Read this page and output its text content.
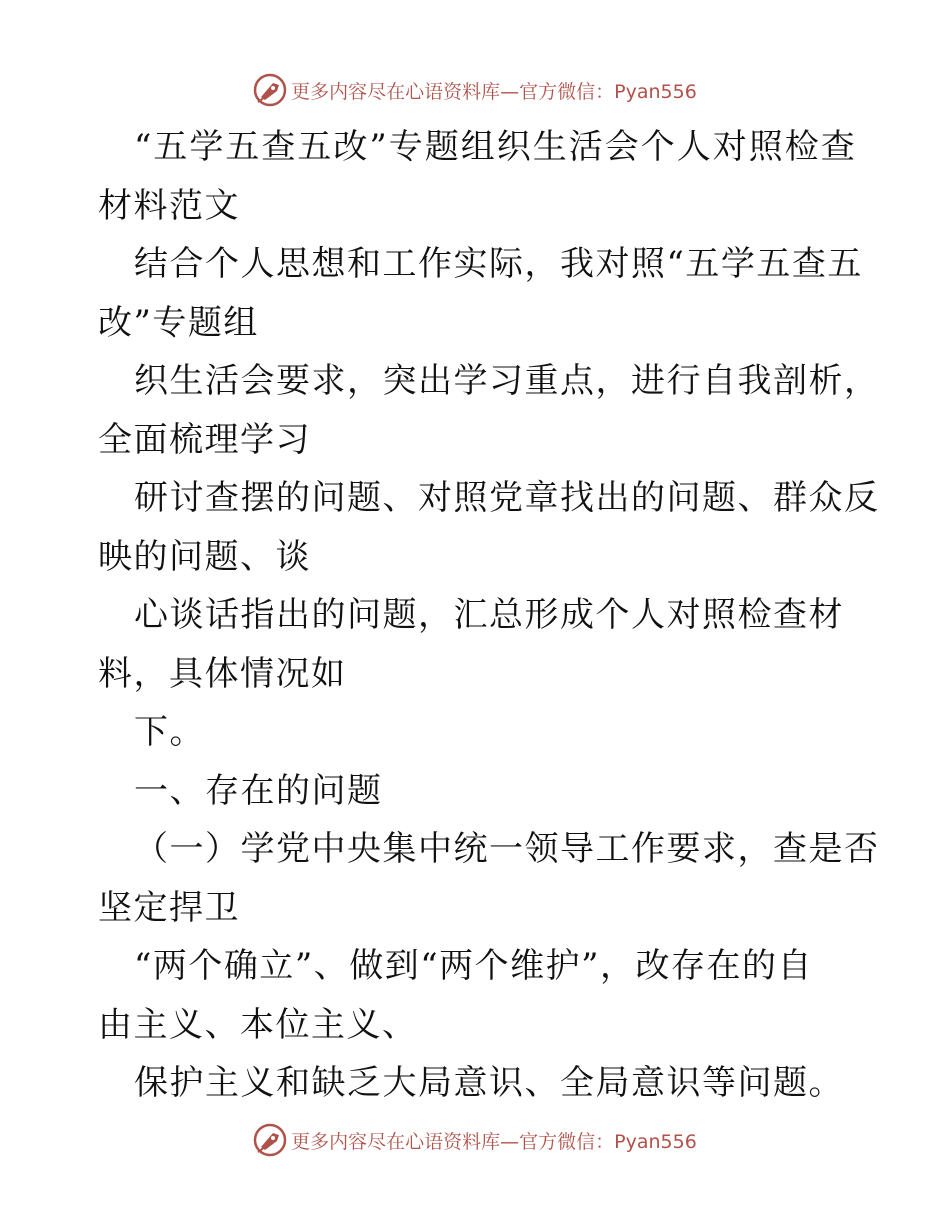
更多内容尽在心语资料库—官方微信：Pyan556
“五学五查五改”专题组织生活会个人对照检查
材料范文
结合个人思想和工作实际，我对照“五学五查五
改”专题组
织生活会要求，突出学习重点，进行自我剖析，
全面梳理学习
研讨查摆的问题、对照党章找出的问题、群众反
映的问题、谈
心谈话指出的问题，汇总形成个人对照检查材
料，具体情况如
下。
一、存在的问题
（一）学党中央集中统一领导工作要求，查是否
坚定捍卫
“两个确立”、做到“两个维护”，改存在的自
由主义、本位主义、
保护主义和缺乏大局意识、全局意识等问题。
更多内容尽在心语资料库—官方微信：Pyan556
